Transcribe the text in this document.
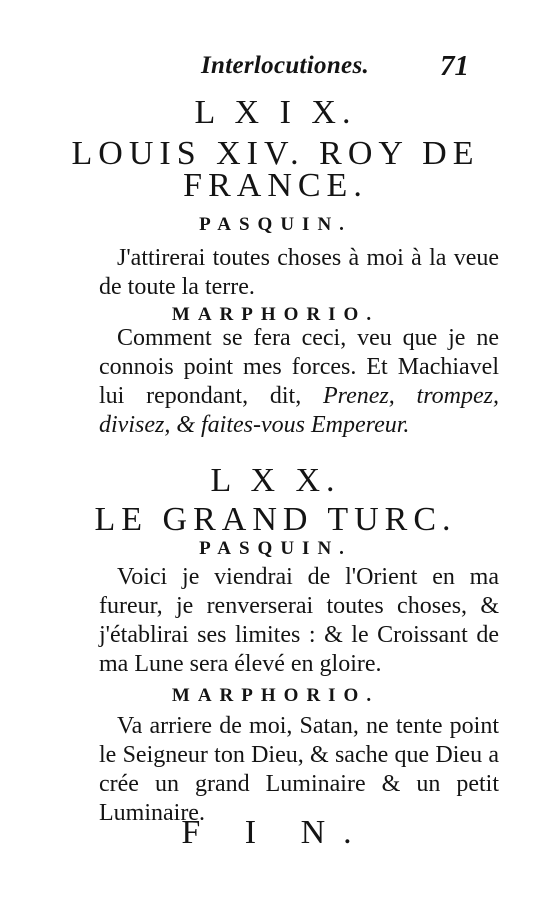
Interlocutiones. 71
L X I X.
LOUIS XIV. ROY DE
FRANCE.
PASQUIN.

J'attirerai toutes choses à moi à la veue de toute la terre.

MARPHORIO.

Comment se fera ceci, veu que je ne connois point mes forces. Et Machiavel lui repondant, dit, Prenez, trompez, divisez, & faites-vous Empereur.

L X X.
LE GRAND TURC.
PASQUIN.

Voici je viendrai de l'Orient en ma fureur, je renverserai toutes choses, & j'établirai ses limites : & le Croissant de ma Lune sera élevé en gloire.

MARPHORIO.

Va arriere de moi, Satan, ne tente point le Seigneur ton Dieu, & sache que Dieu a crée un grand Luminaire & un petit Luminaire.

F I N.
